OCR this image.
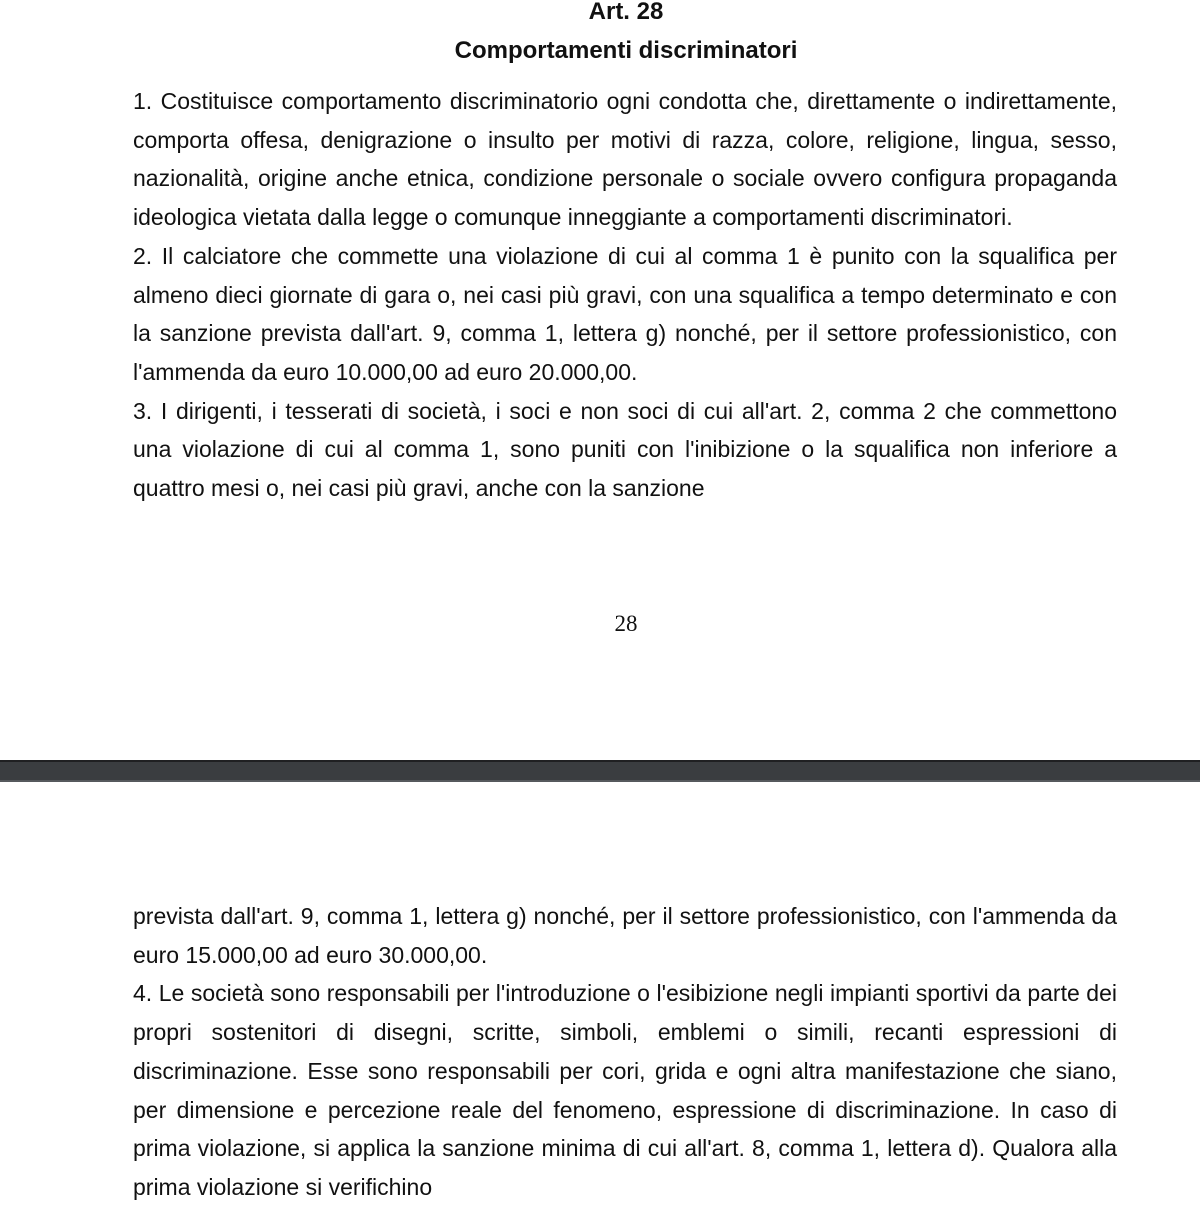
Art. 28
Comportamenti discriminatori

1. Costituisce comportamento discriminatorio ogni condotta che, direttamente o indirettamente, comporta offesa, denigrazione o insulto per motivi di razza, colore, religione, lingua, sesso, nazionalità, origine anche etnica, condizione personale o sociale ovvero configura propaganda ideologica vietata dalla legge o comunque inneggiante a comportamenti discriminatori.

2. Il calciatore che commette una violazione di cui al comma 1 è punito con la squalifica per almeno dieci giornate di gara o, nei casi più gravi, con una squalifica a tempo determinato e con la sanzione prevista dall'art. 9, comma 1, lettera g) nonché, per il settore professionistico, con l'ammenda da euro 10.000,00 ad euro 20.000,00.

3. I dirigenti, i tesserati di società, i soci e non soci di cui all'art. 2, comma 2 che commettono una violazione di cui al comma 1, sono puniti con l'inibizione o la squalifica non inferiore a quattro mesi o, nei casi più gravi, anche con la sanzione

28

prevista dall'art. 9, comma 1, lettera g) nonché, per il settore professionistico, con l'ammenda da euro 15.000,00 ad euro 30.000,00.

4. Le società sono responsabili per l'introduzione o l'esibizione negli impianti sportivi da parte dei propri sostenitori di disegni, scritte, simboli, emblemi o simili, recanti espressioni di discriminazione. Esse sono responsabili per cori, grida e ogni altra manifestazione che siano, per dimensione e percezione reale del fenomeno, espressione di discriminazione. In caso di prima violazione, si applica la sanzione minima di cui all'art. 8, comma 1, lettera d). Qualora alla prima violazione si verifichino
